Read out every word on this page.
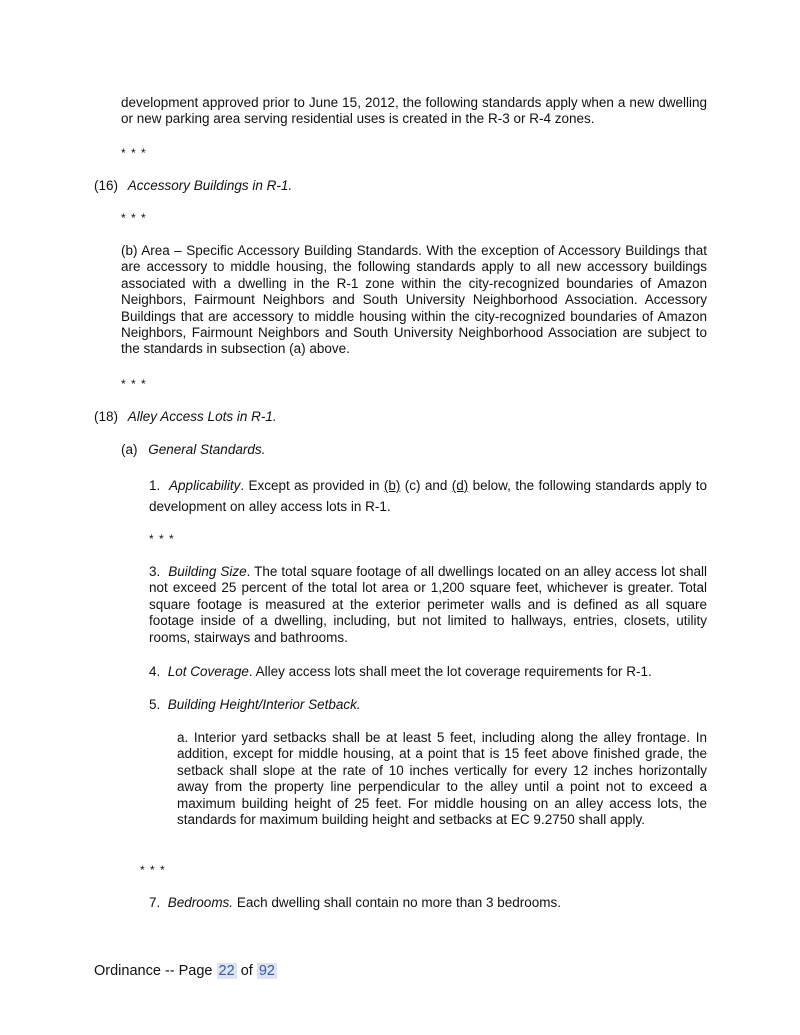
development approved prior to June 15, 2012, the following standards apply when a new dwelling or new parking area serving residential uses is created in the R-3 or R-4 zones.

* * *
(16) Accessory Buildings in R-1.
* * *

(b) Area – Specific Accessory Building Standards. With the exception of Accessory Buildings that are accessory to middle housing, the following standards apply to all new accessory buildings associated with a dwelling in the R-1 zone within the city-recognized boundaries of Amazon Neighbors, Fairmount Neighbors and South University Neighborhood Association. Accessory Buildings that are accessory to middle housing within the city-recognized boundaries of Amazon Neighbors, Fairmount Neighbors and South University Neighborhood Association are subject to the standards in subsection (a) above.

* * *
(18) Alley Access Lots in R-1.
(a) General Standards.

1. Applicability. Except as provided in (b) (c) and (d) below, the following standards apply to development on alley access lots in R-1.

* * *

3. Building Size. The total square footage of all dwellings located on an alley access lot shall not exceed 25 percent of the total lot area or 1,200 square feet, whichever is greater. Total square footage is measured at the exterior perimeter walls and is defined as all square footage inside of a dwelling, including, but not limited to hallways, entries, closets, utility rooms, stairways and bathrooms.

4. Lot Coverage. Alley access lots shall meet the lot coverage requirements for R-1.

5. Building Height/Interior Setback.

a. Interior yard setbacks shall be at least 5 feet, including along the alley frontage. In addition, except for middle housing, at a point that is 15 feet above finished grade, the setback shall slope at the rate of 10 inches vertically for every 12 inches horizontally away from the property line perpendicular to the alley until a point not to exceed a maximum building height of 25 feet. For middle housing on an alley access lots, the standards for maximum building height and setbacks at EC 9.2750 shall apply.

* * *

7. Bedrooms. Each dwelling shall contain no more than 3 bedrooms.

Ordinance -- Page 22 of 92
